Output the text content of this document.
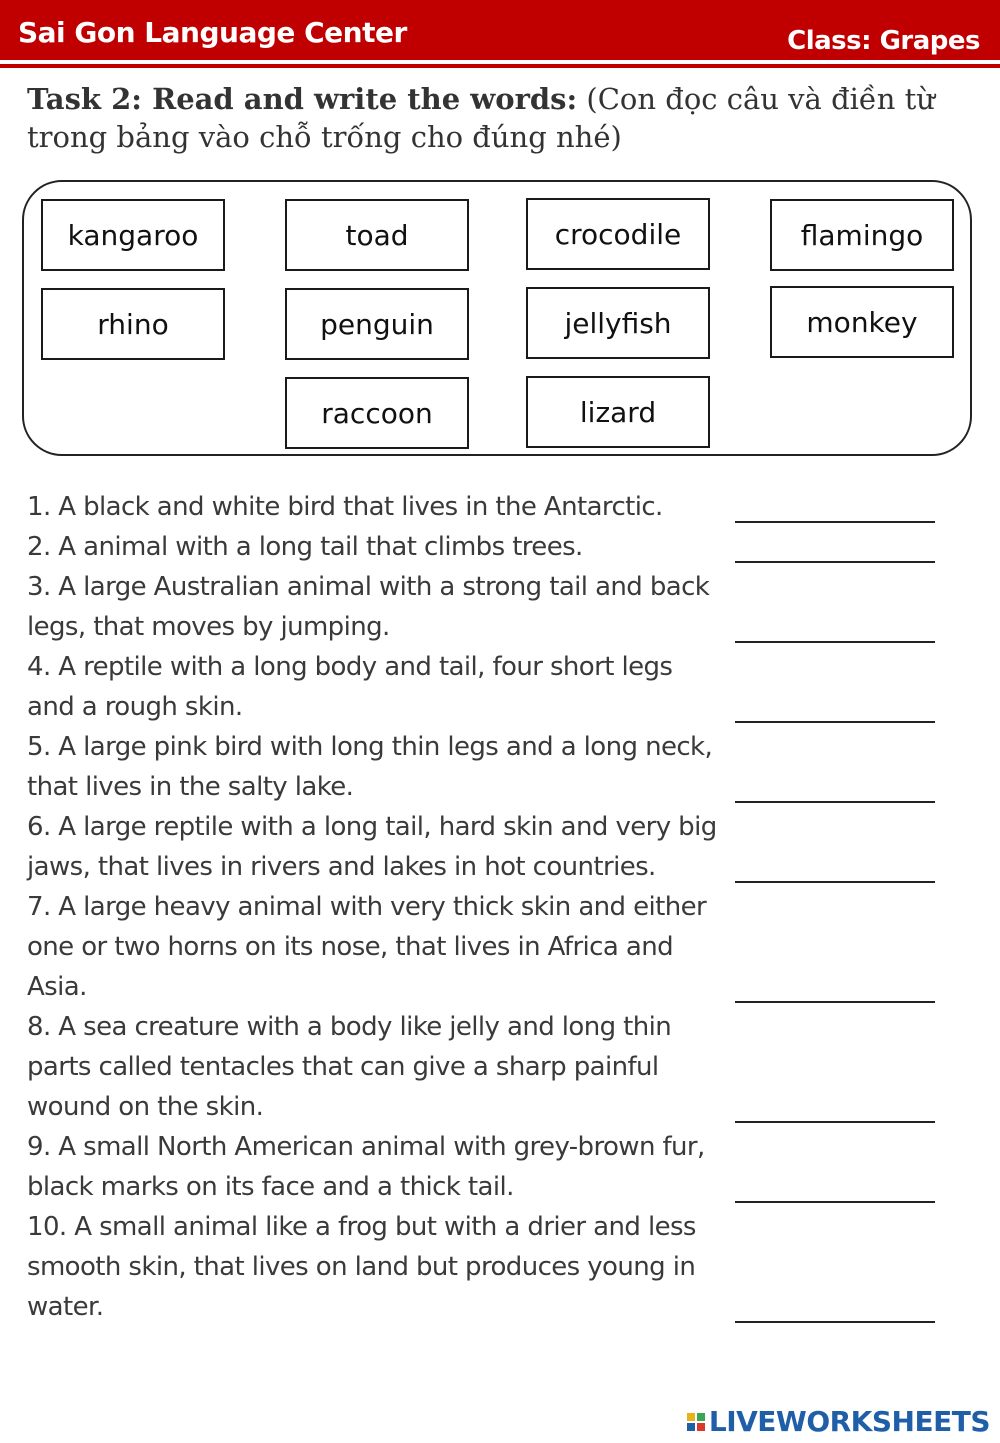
Sai Gon Language Center	Class: Grapes
Task 2: Read and write the words: (Con đọc câu và điền từ trong bảng vào chỗ trống cho đúng nhé)
kangaroo	toad	crocodile	flamingo
rhino	penguin	jellyfish	monkey
raccoon	lizard
1. A black and white bird that lives in the Antarctic.
2. A animal with a long tail that climbs trees.
3. A large Australian animal with a strong tail and back legs, that moves by jumping.
4. A reptile with a long body and tail, four short legs and a rough skin.
5. A large pink bird with long thin legs and a long neck, that lives in the salty lake.
6. A large reptile with a long tail, hard skin and very big jaws, that lives in rivers and lakes in hot countries.
7. A large heavy animal with very thick skin and either one or two horns on its nose, that lives in Africa and Asia.
8. A sea creature with a body like jelly and long thin parts called tentacles that can give a sharp painful wound on the skin.
9. A small North American animal with grey-brown fur, black marks on its face and a thick tail.
10. A small animal like a frog but with a drier and less smooth skin, that lives on land but produces young in water.
LIVEWORKSHEETS
